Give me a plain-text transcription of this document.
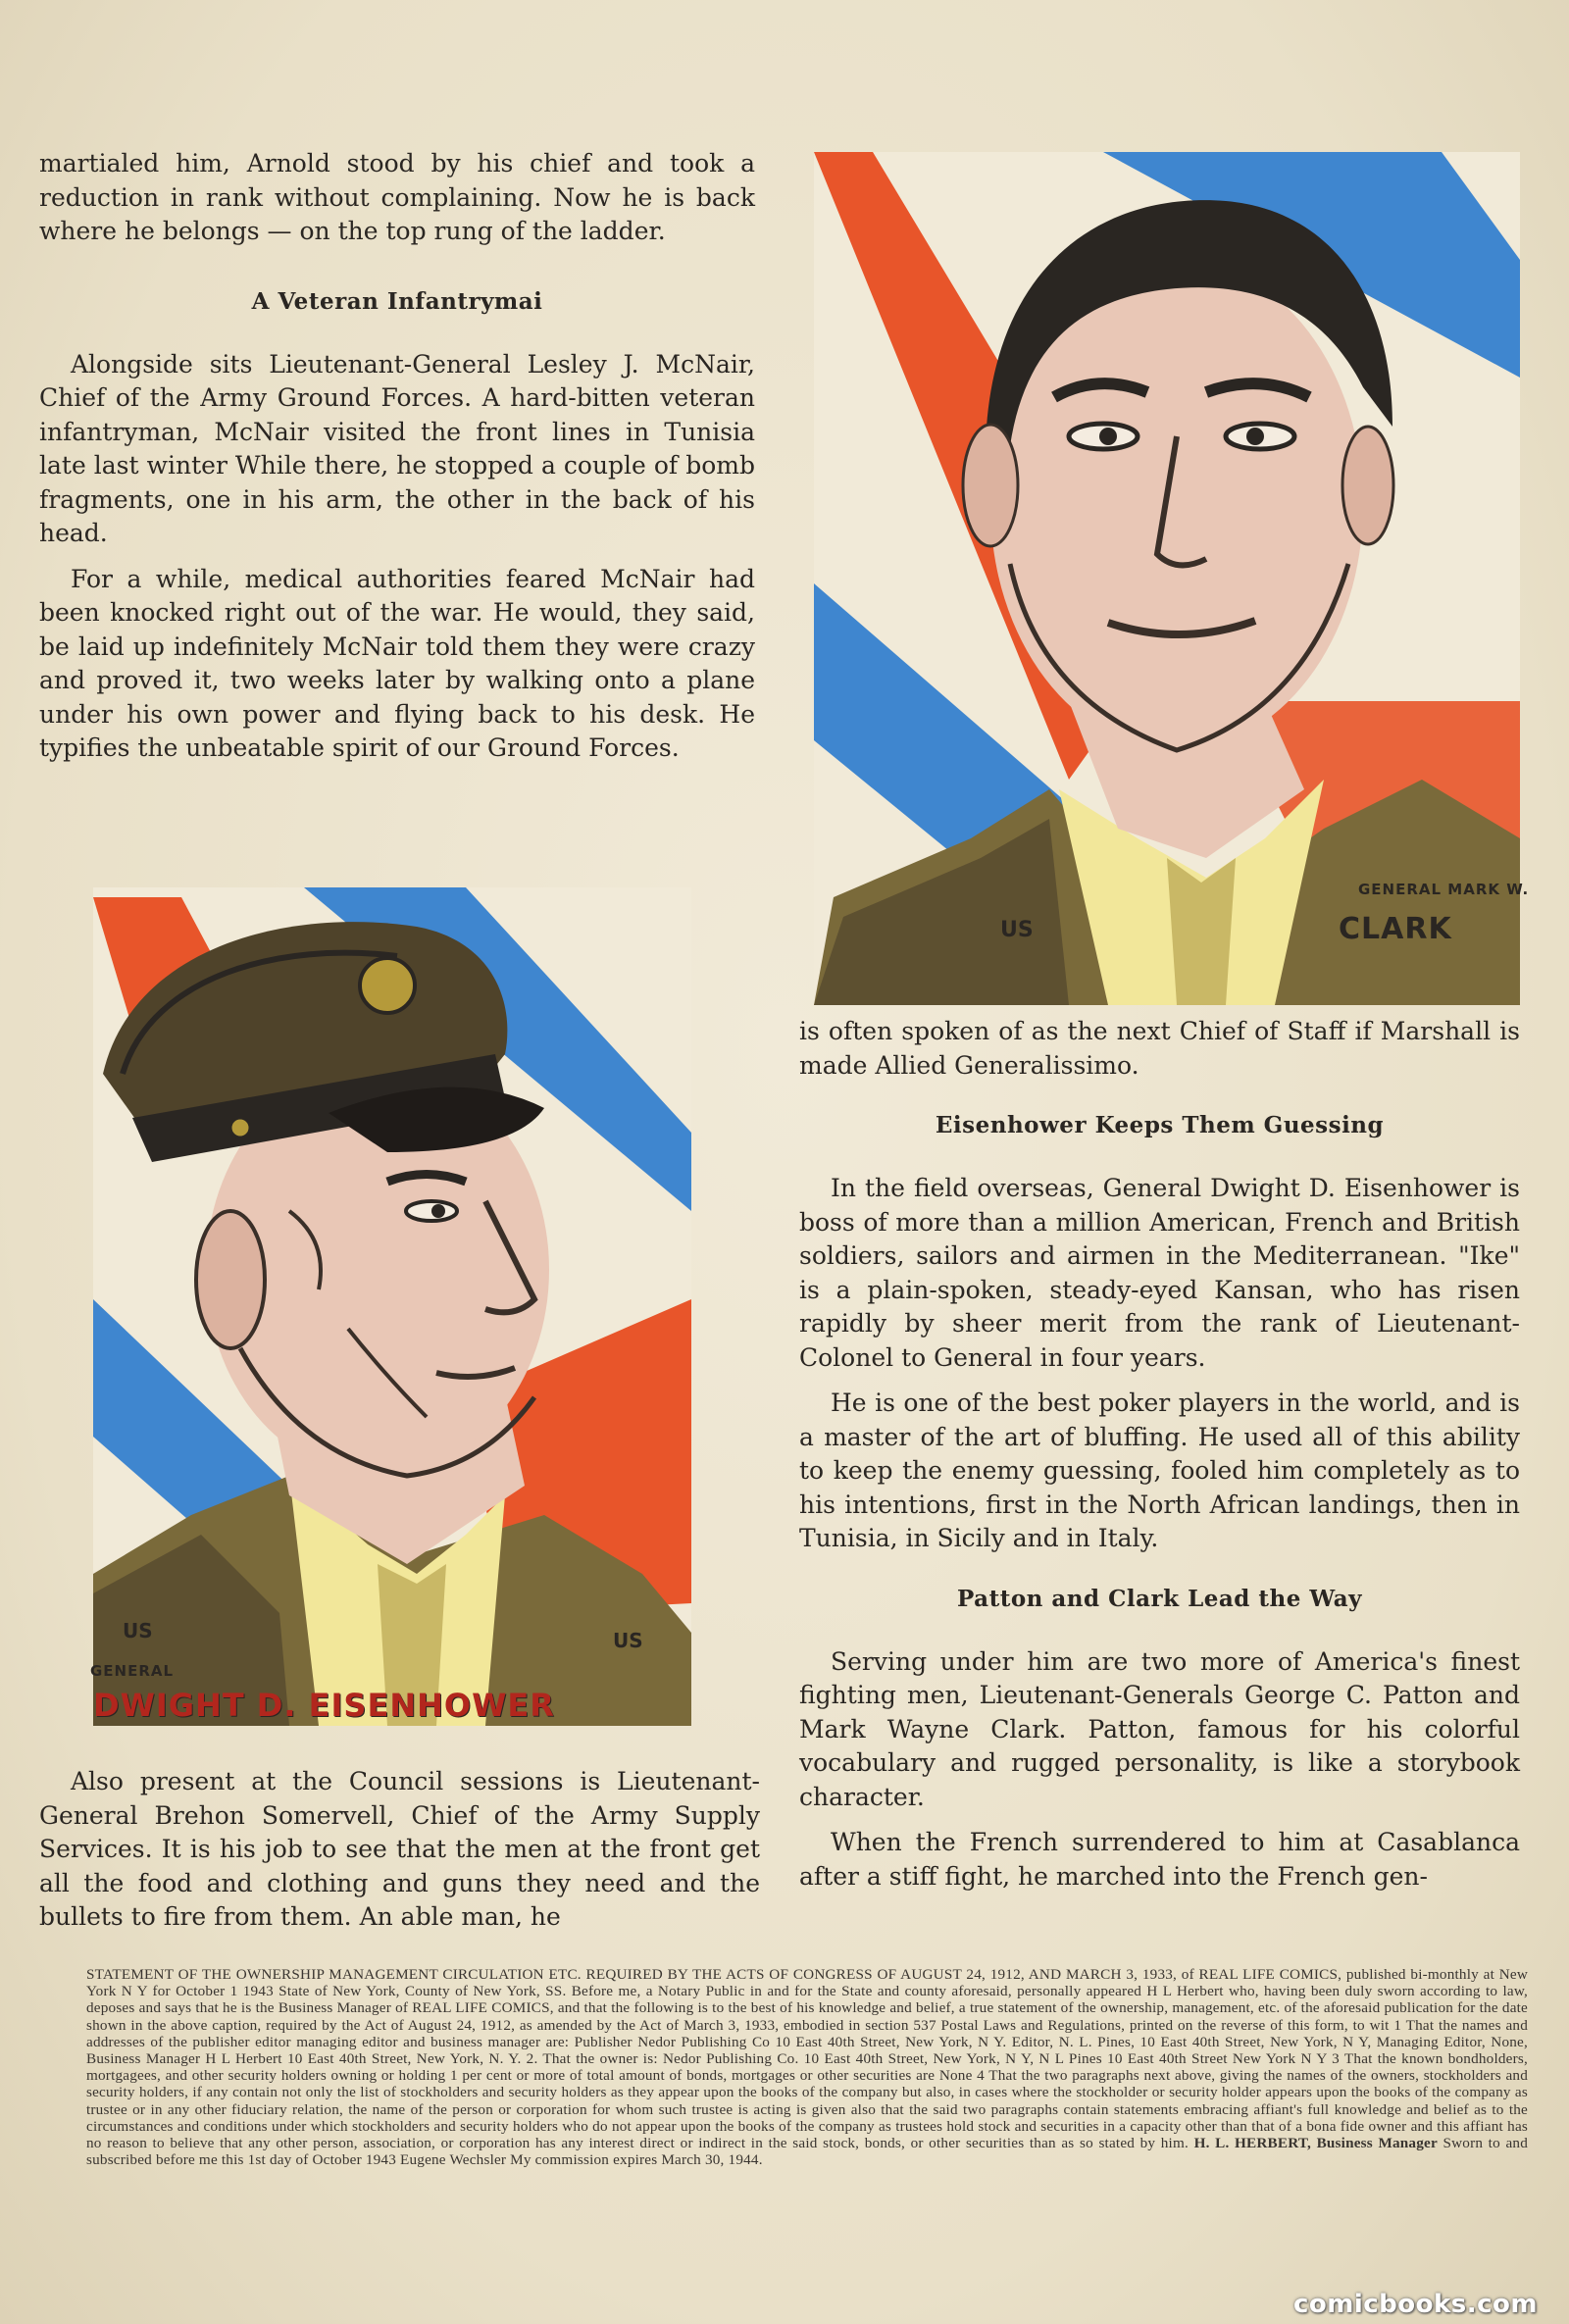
martialed him, Arnold stood by his chief and took a reduction in rank without complaining. Now he is back where he belongs — on the top rung of the ladder.

A Veteran Infantrymai

Alongside sits Lieutenant-General Lesley J. McNair, Chief of the Army Ground Forces. A hard-bitten veteran infantryman, McNair visited the front lines in Tunisia late last winter While there, he stopped a couple of bomb fragments, one in his arm, the other in the back of his head.

For a while, medical authorities feared McNair had been knocked right out of the war. He would, they said, be laid up indefinitely McNair told them they were crazy and proved it, two weeks later by walking onto a plane under his own power and flying back to his desk. He typifies the unbeatable spirit of our Ground Forces.

US
GENERAL MARK W.
CLARK
US	US
GENERAL
DWIGHT D. EISENHOWER

is often spoken of as the next Chief of Staff if Marshall is made Allied Generalissimo.

Eisenhower Keeps Them Guessing

In the field overseas, General Dwight D. Eisenhower is boss of more than a million American, French and British soldiers, sailors and airmen in the Mediterranean. "Ike" is a plain-spoken, steady-eyed Kansan, who has risen rapidly by sheer merit from the rank of Lieutenant-Colonel to General in four years.

He is one of the best poker players in the world, and is a master of the art of bluffing. He used all of this ability to keep the enemy guessing, fooled him completely as to his intentions, first in the North African landings, then in Tunisia, in Sicily and in Italy.

Patton and Clark Lead the Way

Serving under him are two more of America's finest fighting men, Lieutenant-Generals George C. Patton and Mark Wayne Clark. Patton, famous for his colorful vocabulary and rugged personality, is like a storybook character.

When the French surrendered to him at Casablanca after a stiff fight, he marched into the French gen-

Also present at the Council sessions is Lieutenant-General Brehon Somervell, Chief of the Army Supply Services. It is his job to see that the men at the front get all the food and clothing and guns they need and the bullets to fire from them. An able man, he

STATEMENT OF THE OWNERSHIP MANAGEMENT CIRCULATION ETC. REQUIRED BY THE ACTS OF CONGRESS OF AUGUST 24, 1912, AND MARCH 3, 1933, of REAL LIFE COMICS, published bi-monthly at New York N Y for October 1 1943 State of New York, County of New York, SS. Before me, a Notary Public in and for the State and county aforesaid, personally appeared H L Herbert who, having been duly sworn according to law, deposes and says that he is the Business Manager of REAL LIFE COMICS, and that the following is to the best of his knowledge and belief, a true statement of the ownership, management, etc. of the aforesaid publication for the date shown in the above caption, required by the Act of August 24, 1912, as amended by the Act of March 3, 1933, embodied in section 537 Postal Laws and Regulations, printed on the reverse of this form, to wit 1 That the names and addresses of the publisher editor managing editor and business manager are: Publisher Nedor Publishing Co 10 East 40th Street, New York, N Y. Editor, N. L. Pines, 10 East 40th Street, New York, N Y, Managing Editor, None, Business Manager H L Herbert 10 East 40th Street, New York, N. Y. 2. That the owner is: Nedor Publishing Co. 10 East 40th Street, New York, N Y, N L Pines 10 East 40th Street New York N Y 3 That the known bondholders, mortgagees, and other security holders owning or holding 1 per cent or more of total amount of bonds, mortgages or other securities are None 4 That the two paragraphs next above, giving the names of the owners, stockholders and security holders, if any contain not only the list of stockholders and security holders as they appear upon the books of the company but also, in cases where the stockholder or security holder appears upon the books of the company as trustee or in any other fiduciary relation, the name of the person or corporation for whom such trustee is acting is given also that the said two paragraphs contain statements embracing affiant's full knowledge and belief as to the circumstances and conditions under which stockholders and security holders who do not appear upon the books of the company as trustees hold stock and securities in a capacity other than that of a bona fide owner and this affiant has no reason to believe that any other person, association, or corporation has any interest direct or indirect in the said stock, bonds, or other securities than as so stated by him. H. L. HERBERT, Business Manager Sworn to and subscribed before me this 1st day of October 1943 Eugene Wechsler My commission expires March 30, 1944.
comicbooks.com
